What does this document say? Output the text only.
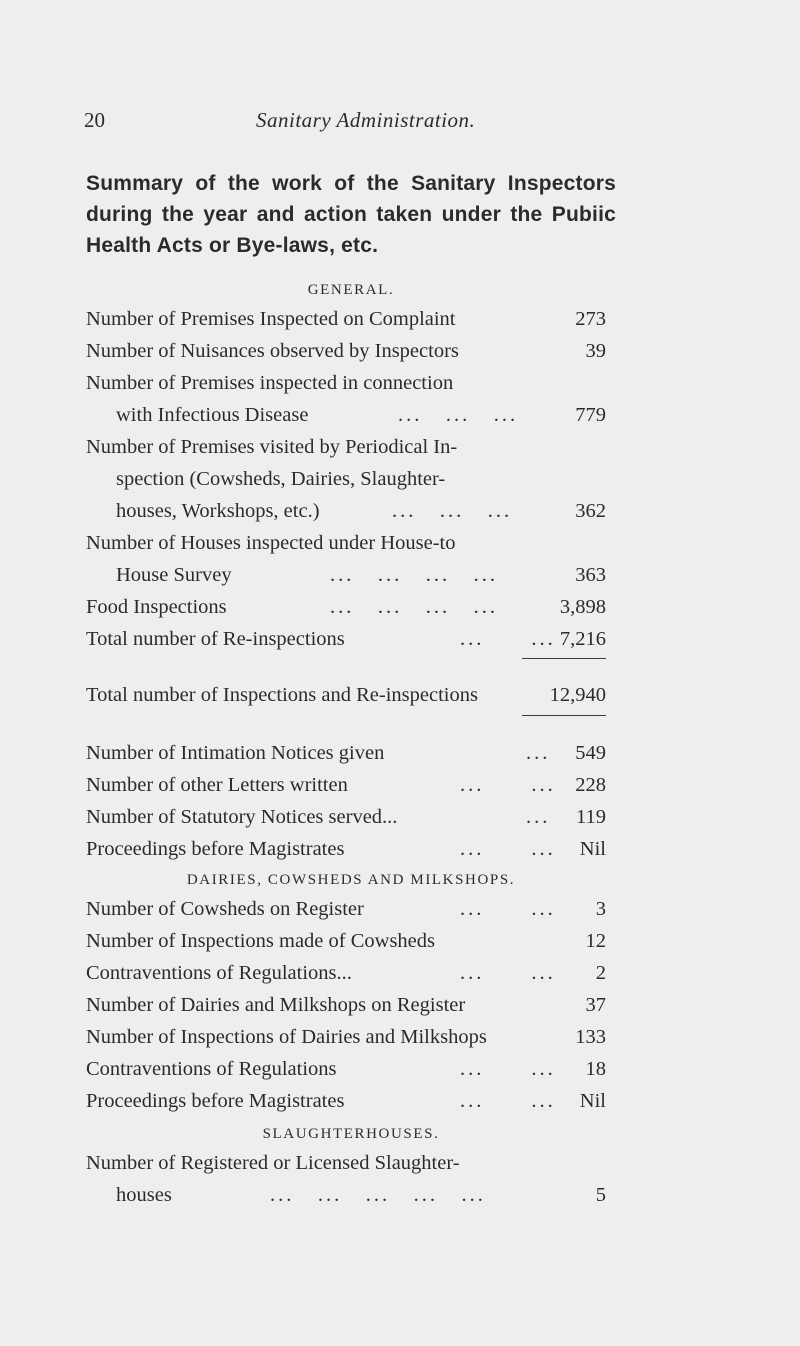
20	Sanitary Administration.
Summary of the work of the Sanitary Inspectors during the year and action taken under the Pubiic Health Acts or Bye-laws, etc.
GENERAL.
Number of Premises Inspected on Complaint	273
Number of Nuisances observed by Inspectors	39
Number of Premises inspected in connection
with Infectious Disease	... ... ...	779
Number of Premises visited by Periodical In-
spection (Cowsheds, Dairies, Slaughter-
houses, Workshops, etc.)	... ... ...	362
Number of Houses inspected under House-to
House Survey	... ... ... ...	363
Food Inspections	... ... ... ...	3,898
Total number of Re-inspections	...  ... 7,216
Total number of Inspections and Re-inspections	12,940
Number of Intimation Notices given	... 549
Number of other Letters written	...  ... 228
Number of Statutory Notices served...	... 119
Proceedings before Magistrates	...  ... Nil
DAIRIES, COWSHEDS AND MILKSHOPS.
Number of Cowsheds on Register	...  ... 3
Number of Inspections made of Cowsheds	12
Contraventions of Regulations...	...  ... 2
Number of Dairies and Milkshops on Register	37
Number of Inspections of Dairies and Milkshops	133
Contraventions of Regulations	...  ... 18
Proceedings before Magistrates	...  ... Nil
SLAUGHTERHOUSES.
Number of Registered or Licensed Slaughter-
houses	... ... ... ... ...	5
